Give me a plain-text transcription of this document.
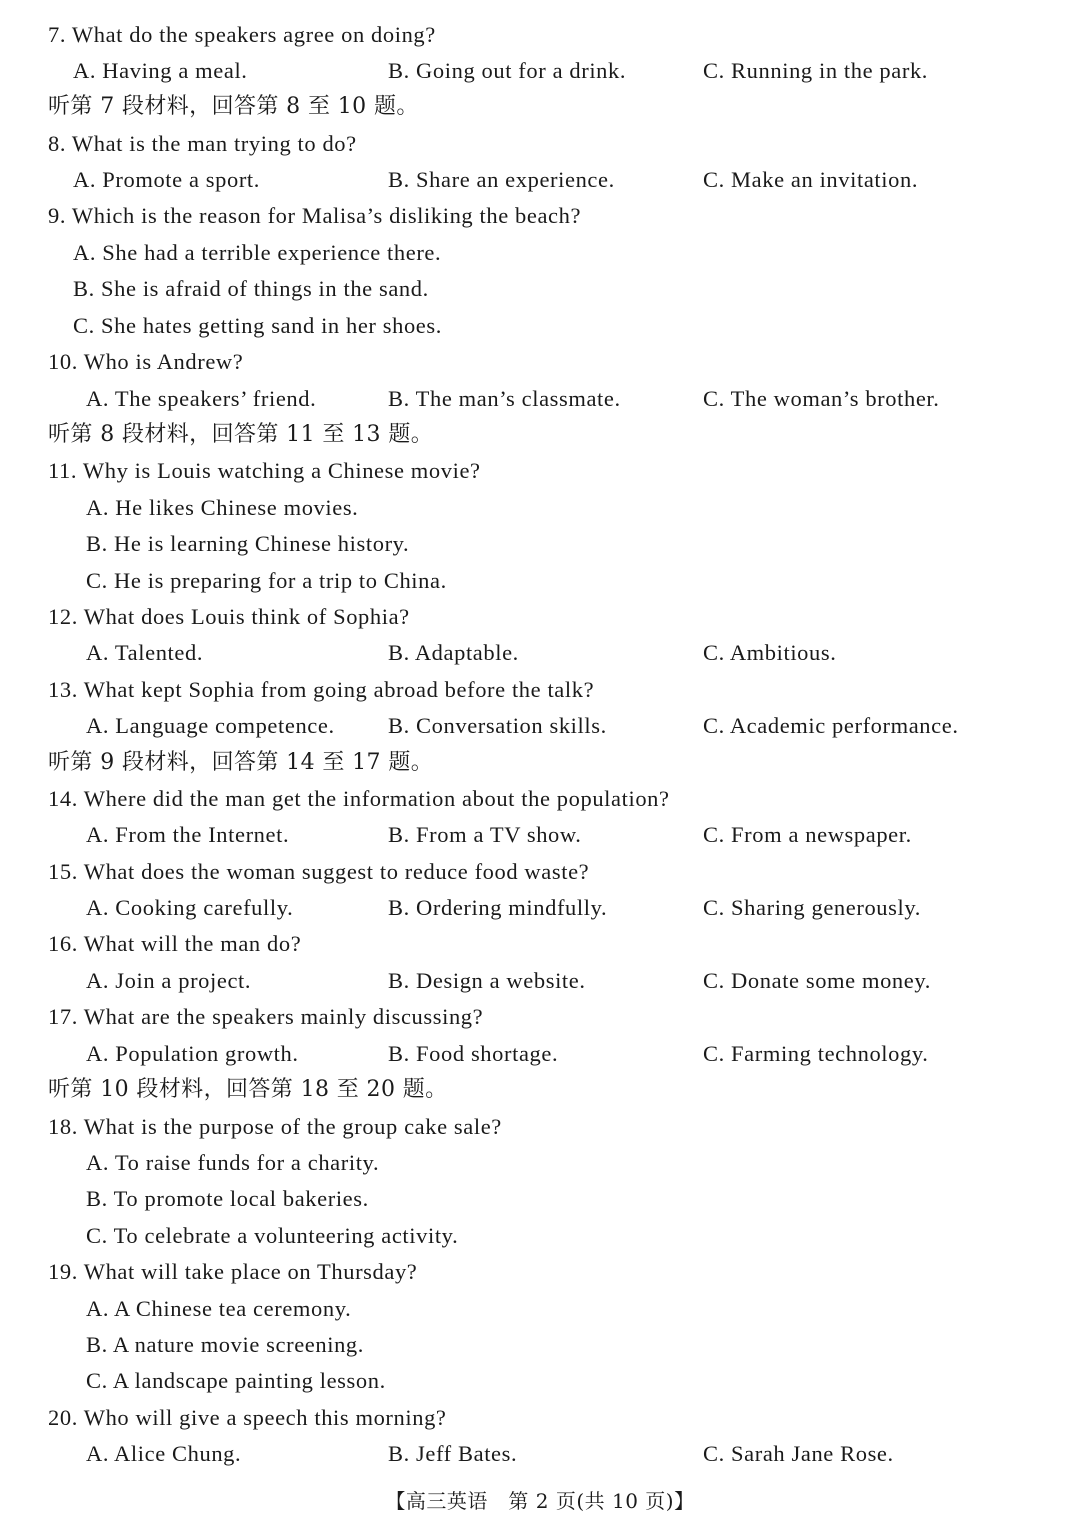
7. What do the speakers agree on doing?
A. Having a meal.	B. Going out for a drink.	C. Running in the park.
听第 7 段材料，回答第 8 至 10 题。
8. What is the man trying to do?
A. Promote a sport.	B. Share an experience.	C. Make an invitation.
9. Which is the reason for Malisa’s disliking the beach?
A. She had a terrible experience there.
B. She is afraid of things in the sand.
C. She hates getting sand in her shoes.
10. Who is Andrew?
A. The speakers’ friend.	B. The man’s classmate.	C. The woman’s brother.
听第 8 段材料，回答第 11 至 13 题。
11. Why is Louis watching a Chinese movie?
A. He likes Chinese movies.
B. He is learning Chinese history.
C. He is preparing for a trip to China.
12. What does Louis think of Sophia?
A. Talented.	B. Adaptable.	C. Ambitious.
13. What kept Sophia from going abroad before the talk?
A. Language competence. B. Conversation skills.	C. Academic performance.
听第 9 段材料，回答第 14 至 17 题。
14. Where did the man get the information about the population?
A. From the Internet.	B. From a TV show.	C. From a newspaper.
15. What does the woman suggest to reduce food waste?
A. Cooking carefully.	B. Ordering mindfully.	C. Sharing generously.
16. What will the man do?
A. Join a project.	B. Design a website.	C. Donate some money.
17. What are the speakers mainly discussing?
A. Population growth.	B. Food shortage.	C. Farming technology.
听第 10 段材料，回答第 18 至 20 题。
18. What is the purpose of the group cake sale?
A. To raise funds for a charity.
B. To promote local bakeries.
C. To celebrate a volunteering activity.
19. What will take place on Thursday?
A. A Chinese tea ceremony.
B. A nature movie screening.
C. A landscape painting lesson.
20. Who will give a speech this morning?
A. Alice Chung.	B. Jeff Bates.	C. Sarah Jane Rose.
【高三英语　第 2 页(共 10 页)】
